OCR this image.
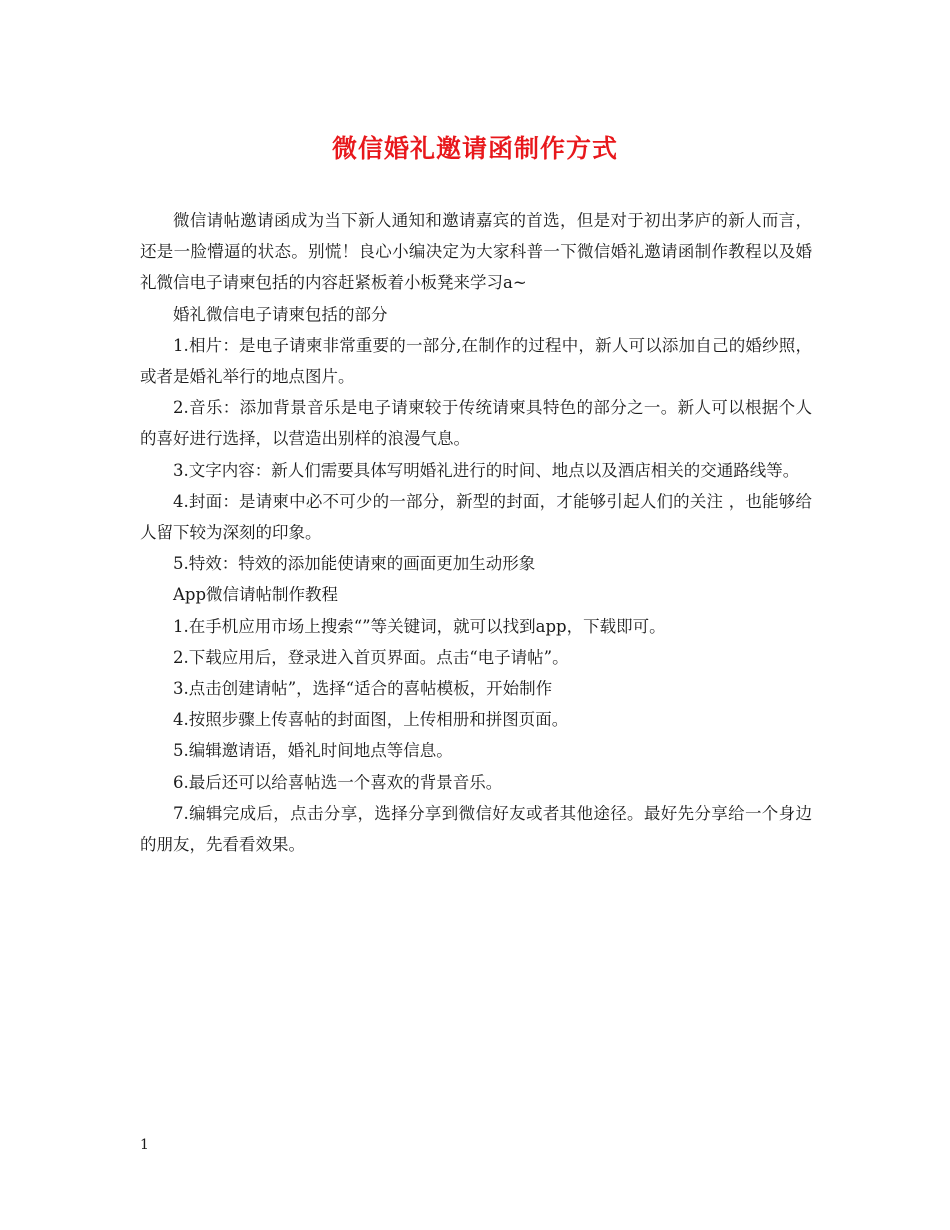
微信婚礼邀请函制作方式

微信请帖邀请函成为当下新人通知和邀请嘉宾的首选，但是对于初出茅庐的新人而言，还是一脸懵逼的状态。别慌！良心小编决定为大家科普一下微信婚礼邀请函制作教程以及婚礼微信电子请柬包括的内容赶紧板着小板凳来学习a~

婚礼微信电子请柬包括的部分

1.相片：是电子请柬非常重要的一部分,在制作的过程中，新人可以添加自己的婚纱照，或者是婚礼举行的地点图片。

2.音乐：添加背景音乐是电子请柬较于传统请柬具特色的部分之一。新人可以根据个人的喜好进行选择，以营造出别样的浪漫气息。

3.文字内容：新人们需要具体写明婚礼进行的时间、地点以及酒店相关的交通路线等。

4.封面：是请柬中必不可少的一部分，新型的封面，才能够引起人们的关注 ，也能够给人留下较为深刻的印象。

5.特效：特效的添加能使请柬的画面更加生动形象

App微信请帖制作教程

1.在手机应用市场上搜索“”等关键词，就可以找到app，下载即可。

2.下载应用后，登录进入首页界面。点击“电子请帖”。

3.点击创建请帖”，选择“适合的喜帖模板，开始制作

4.按照步骤上传喜帖的封面图，上传相册和拼图页面。

5.编辑邀请语，婚礼时间地点等信息。

6.最后还可以给喜帖选一个喜欢的背景音乐。

7.编辑完成后，点击分享，选择分享到微信好友或者其他途径。最好先分享给一个身边的朋友，先看看效果。

1
